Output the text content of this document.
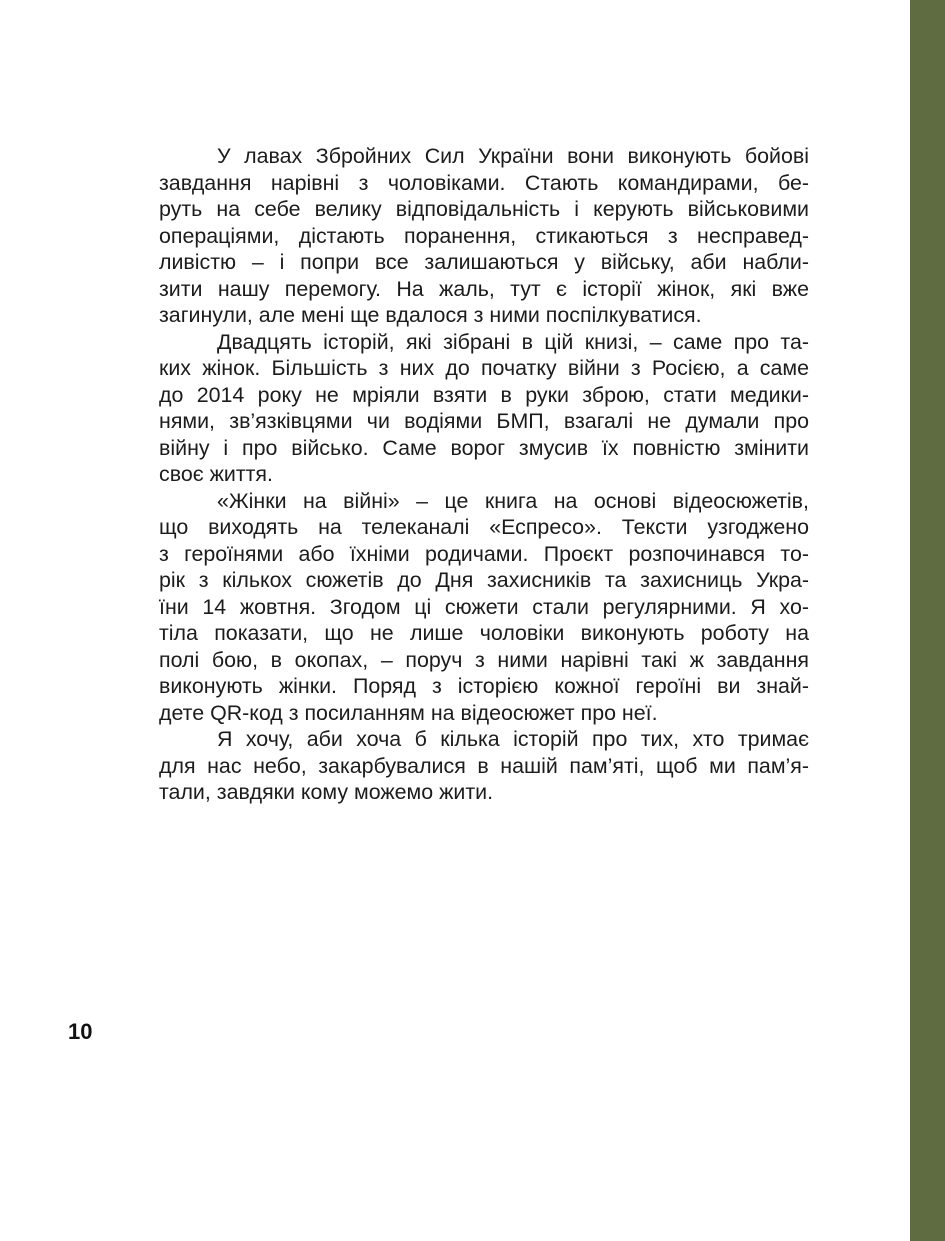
У лавах Збройних Сил України вони виконують бойові
завдання нарівні з чоловіками. Стають командирами, бе-
руть на себе велику відповідальність і керують військовими
операціями, дістають поранення, стикаються з несправед-
ливістю – і попри все залишаються у війську, аби набли-
зити нашу перемогу. На жаль, тут є історії жінок, які вже
загинули, але мені ще вдалося з ними поспілкуватися.

Двадцять історій, які зібрані в цій книзі, – саме про та-
ких жінок. Більшість з них до початку війни з Росією, а саме
до 2014 року не мріяли взяти в руки зброю, стати медики-
нями, зв’язківцями чи водіями БМП, взагалі не думали про
війну і про військо. Саме ворог змусив їх повністю змінити
своє життя.

«Жінки на війні» – це книга на основі відеосюжетів,
що виходять на телеканалі «Еспресо». Тексти узгоджено
з героїнями або їхніми родичами. Проєкт розпочинався то-
рік з кількох сюжетів до Дня захисників та захисниць Укра-
їни 14 жовтня. Згодом ці сюжети стали регулярними. Я хо-
тіла показати, що не лише чоловіки виконують роботу на
полі бою, в окопах, – поруч з ними нарівні такі ж завдання
виконують жінки. Поряд з історією кожної героїні ви знай-
дете QR-код з посиланням на відеосюжет про неї.

Я хочу, аби хоча б кілька історій про тих, хто тримає
для нас небо, закарбувалися в нашій пам’яті, щоб ми пам’я-
тали, завдяки кому можемо жити.

10
